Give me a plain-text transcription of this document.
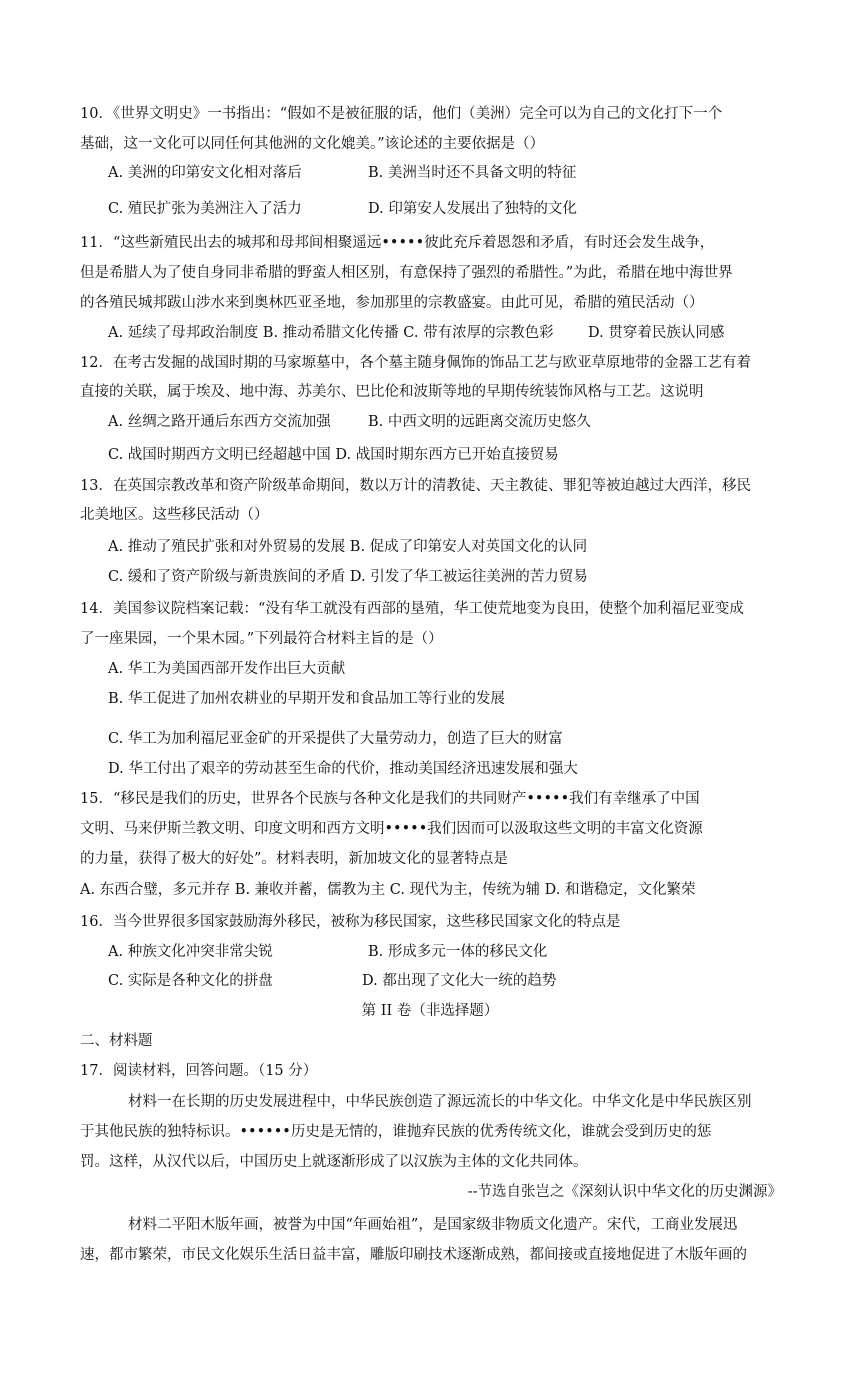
10．《世界文明史》一书指出：“假如不是被征服的话，他们（美洲）完全可以为自己的文化打下一个
基础，这一文化可以同任何其他洲的文化媲美。”该论述的主要依据是（）
A. 美洲的印第安文化相对落后	B. 美洲当时还不具备文明的特征
C. 殖民扩张为美洲注入了活力	D. 印第安人发展出了独特的文化
11．“这些新殖民出去的城邦和母邦间相聚遥远•••••彼此充斥着恩怨和矛盾，有时还会发生战争，
但是希腊人为了使自身同非希腊的野蛮人相区别，有意保持了强烈的希腊性。”为此，希腊在地中海世界
的各殖民城邦跋山涉水来到奥林匹亚圣地，参加那里的宗教盛宴。由此可见，希腊的殖民活动（）
A. 延续了母邦政治制度 B. 推动希腊文化传播 C. 带有浓厚的宗教色彩 D. 贯穿着民族认同感
12．在考古发掘的战国时期的马家塬墓中，各个墓主随身佩饰的饰品工艺与欧亚草原地带的金器工艺有着
直接的关联，属于埃及、地中海、苏美尔、巴比伦和波斯等地的早期传统装饰风格与工艺。这说明
A. 丝绸之路开通后东西方交流加强	B. 中西文明的远距离交流历史悠久
C. 战国时期西方文明已经超越中国 D. 战国时期东西方已开始直接贸易
13．在英国宗教改革和资产阶级革命期间，数以万计的清教徒、天主教徒、罪犯等被迫越过大西洋，移民
北美地区。这些移民活动（）
A. 推动了殖民扩张和对外贸易的发展 B. 促成了印第安人对英国文化的认同
C. 缓和了资产阶级与新贵族间的矛盾 D. 引发了华工被运往美洲的苦力贸易
14．美国参议院档案记载：“没有华工就没有西部的垦殖，华工使荒地变为良田，使整个加利福尼亚变成
了一座果园，一个果木园。”下列最符合材料主旨的是（）
A. 华工为美国西部开发作出巨大贡献
B. 华工促进了加州农耕业的早期开发和食品加工等行业的发展
C. 华工为加利福尼亚金矿的开采提供了大量劳动力，创造了巨大的财富
D. 华工付出了艰辛的劳动甚至生命的代价，推动美国经济迅速发展和强大
15．“移民是我们的历史，世界各个民族与各种文化是我们的共同财产•••••我们有幸继承了中国
文明、马来伊斯兰教文明、印度文明和西方文明•••••我们因而可以汲取这些文明的丰富文化资源
的力量，获得了极大的好处”。材料表明，新加坡文化的显著特点是
A. 东西合璧，多元并存 B. 兼收并蓄，儒教为主 C. 现代为主，传统为辅 D. 和谐稳定，文化繁荣
16．当今世界很多国家鼓励海外移民，被称为移民国家，这些移民国家文化的特点是
A. 种族文化冲突非常尖锐	B. 形成多元一体的移民文化
C. 实际是各种文化的拼盘	D. 都出现了文化大一统的趋势
第 II 卷（非选择题）
二、材料题
17．阅读材料，回答问题。（15 分）
材料一在长期的历史发展进程中，中华民族创造了源远流长的中华文化。中华文化是中华民族区别
于其他民族的独特标识。••••••历史是无情的，谁抛弃民族的优秀传统文化，谁就会受到历史的惩
罚。这样，从汉代以后，中国历史上就逐渐形成了以汉族为主体的文化共同体。
--节选自张岂之《深刻认识中华文化的历史渊源》
材料二平阳木版年画，被誉为中国“年画始祖”，是国家级非物质文化遗产。宋代，工商业发展迅
速，都市繁荣，市民文化娱乐生活日益丰富，雕版印刷技术逐渐成熟，都间接或直接地促进了木版年画的
